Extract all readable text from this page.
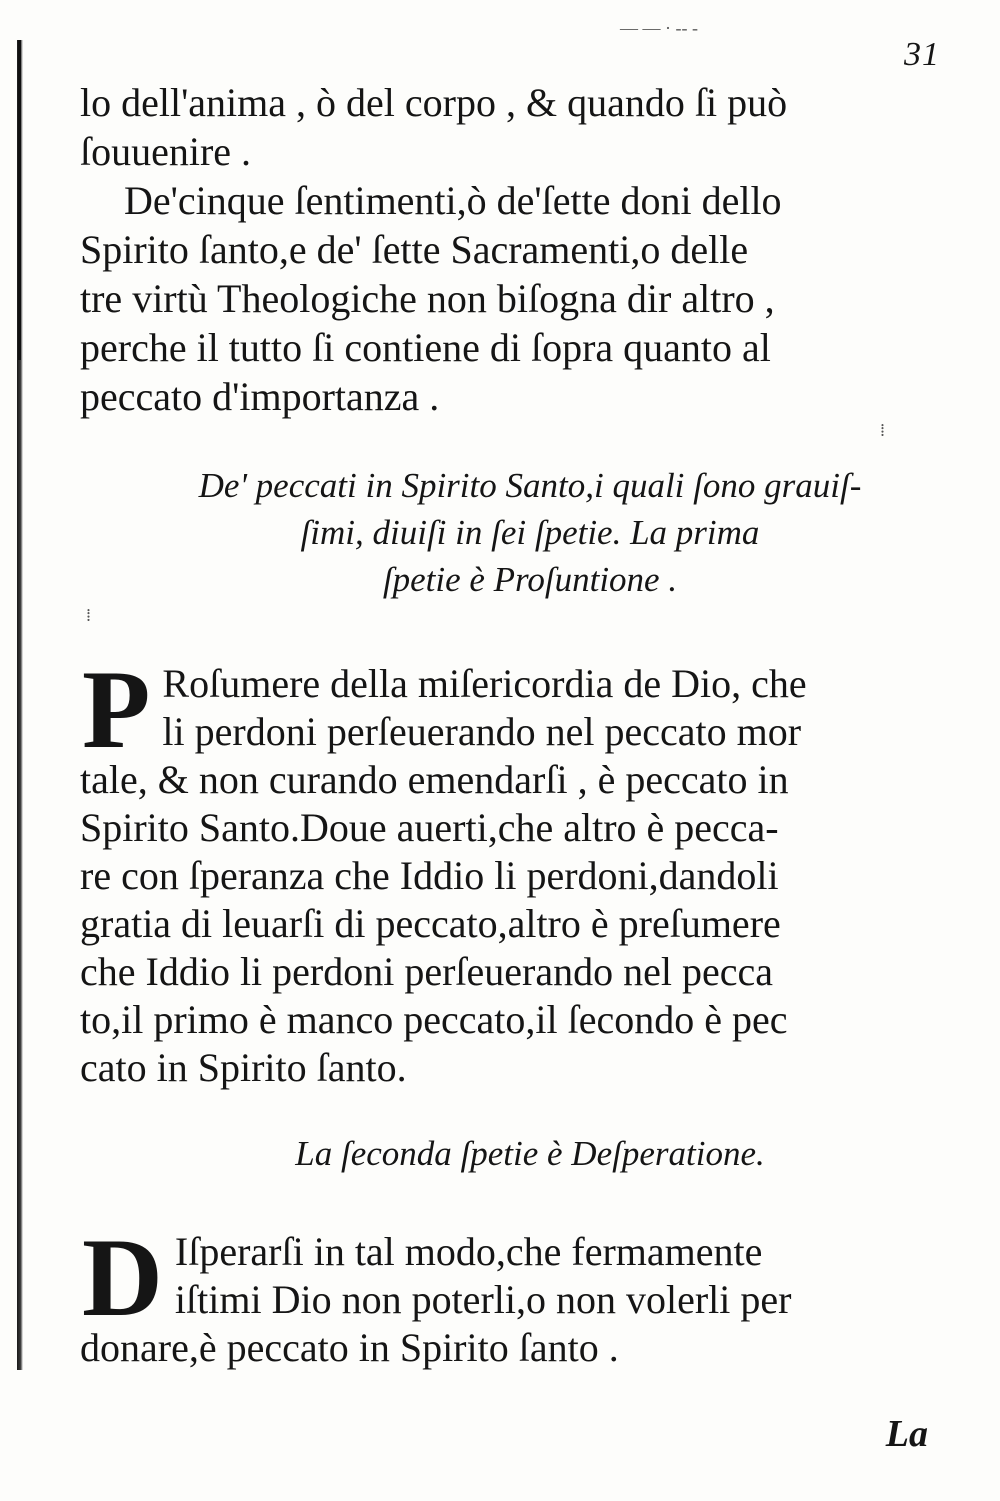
31
lo dell'anima , ò del corpo , & quando ſi può
ſouuenire .
De'cinque ſentimenti,ò de'ſette doni dello
Spirito ſanto,e de' ſette Sacramenti,o delle
tre virtù Theologiche non biſogna dir altro ,
perche il tutto ſi contiene di ſopra quanto al
peccato d'importanza .
De' peccati in Spirito Santo,i quali ſono grauiſ-
ſimi, diuiſi in ſei ſpetie. La prima
ſpetie è Proſuntione .
P Roſumere della miſericordia de Dio, che
li perdoni perſeuerando nel peccato mor
tale, & non curando emendarſi , è peccato in
Spirito Santo.Doue auerti,che altro è pecca-
re con ſperanza che Iddio li perdoni,dandoli
gratia di leuarſi di peccato,altro è preſumere
che Iddio li perdoni perſeuerando nel pecca
to,il primo è manco peccato,il ſecondo è pec
cato in Spirito ſanto.
La ſeconda ſpetie è Deſperatione.
D Iſperarſi in tal modo,che fermamente
iſtimi Dio non poterli,o non volerli per
donare,è peccato in Spirito ſanto .
La
— — · ‐‐ ‑
⁞
⁞
